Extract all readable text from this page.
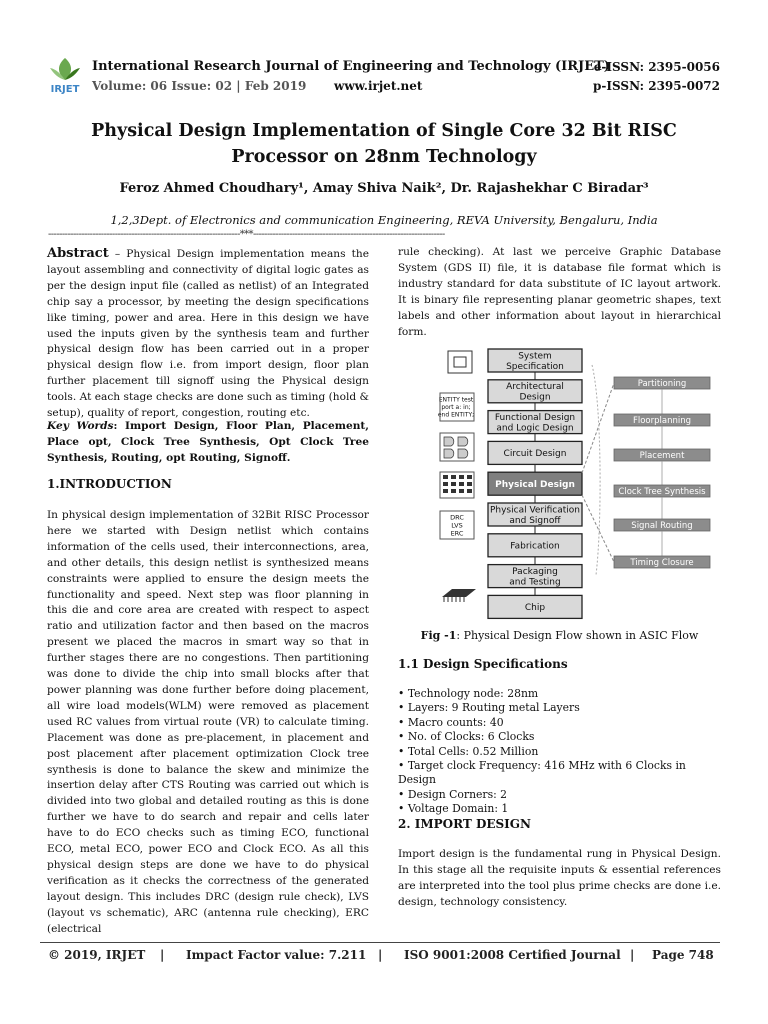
IRJET
International Research Journal of Engineering and Technology (IRJET)
Volume: 06 Issue: 02 | Feb 2019 www.irjet.net
e-ISSN: 2395-0056
p-ISSN: 2395-0072
Physical Design Implementation of Single Core 32 Bit RISC
Processor on 28nm Technology
Feroz Ahmed Choudhary¹, Amay Shiva Naik², Dr. Rajashekhar C Biradar³
1,2,3Dept. of Electronics and communication Engineering, REVA University, Bengaluru, India
---------------------------------------------------------------------***---------------------------------------------------------------------
Abstract – Physical Design implementation means the layout assembling and connectivity of digital logic gates as per the design input file (called as netlist) of an Integrated chip say a processor, by meeting the design specifications like timing, power and area. Here in this design we have used the inputs given by the synthesis team and further physical design flow has been carried out in a proper physical design flow i.e. from import design, floor plan further placement till signoff using the Physical design tools. At each stage checks are done such as timing (hold & setup), quality of report, congestion, routing etc.
Key Words: Import Design, Floor Plan, Placement, Place opt, Clock Tree Synthesis, Opt Clock Tree Synthesis, Routing, opt Routing, Signoff.
1.INTRODUCTION
In physical design implementation of 32Bit RISC Processor here we started with Design netlist which contains information of the cells used, their interconnections, area, and other details, this design netlist is synthesized means constraints were applied to ensure the design meets the functionality and speed. Next step was floor planning in this die and core area are created with respect to aspect ratio and utilization factor and then based on the macros present we placed the macros in smart way so that in further stages there are no congestions. Then partitioning was done to divide the chip into small blocks after that power planning was done further before doing placement, all wire load models(WLM) were removed as placement used RC values from virtual route (VR) to calculate timing. Placement was done as pre-placement, in placement and post placement after placement optimization Clock tree synthesis is done to balance the skew and minimize the insertion delay after CTS Routing was carried out which is divided into two global and detailed routing as this is done further we have to do search and repair and cells later have to do ECO checks such as timing ECO, functional ECO, metal ECO, power ECO and Clock ECO. As all this physical design steps are done we have to do physical verification as it checks the correctness of the generated layout design. This includes DRC (design rule check), LVS (layout vs schematic), ARC (antenna rule checking), ERC (electrical
rule checking). At last we perceive Graphic Database System (GDS II) file, it is database file format which is industry standard for data substitute of IC layout artwork. It is binary file representing planar geometric shapes, text labels and other information about layout in hierarchical form.
System
Specification
Architectural
Design
Functional Design
and Logic Design
Circuit Design
Physical Design
Physical Verification
and Signoff
Fabrication
Packaging
and Testing
Chip
Partitioning
Floorplanning
Placement
Clock Tree Synthesis
Signal Routing
Timing Closure
ENTITY test
port a: in;
end ENTITY;
DRC
LVS
ERC
Fig -1: Physical Design Flow shown in ASIC Flow
1.1 Design Specifications
• Technology node: 28nm
• Layers: 9 Routing metal Layers
• Macro counts: 40
• No. of Clocks: 6 Clocks
• Total Cells: 0.52 Million
• Target clock Frequency: 416 MHz with 6 Clocks in Design
• Design Corners: 2
• Voltage Domain: 1
2. IMPORT DESIGN
Import design is the fundamental rung in Physical Design. In this stage all the requisite inputs & essential references are interpreted into the tool plus prime checks are done i.e. design, technology consistency.
© 2019, IRJET | Impact Factor value: 7.211 | ISO 9001:2008 Certified Journal | Page 748
